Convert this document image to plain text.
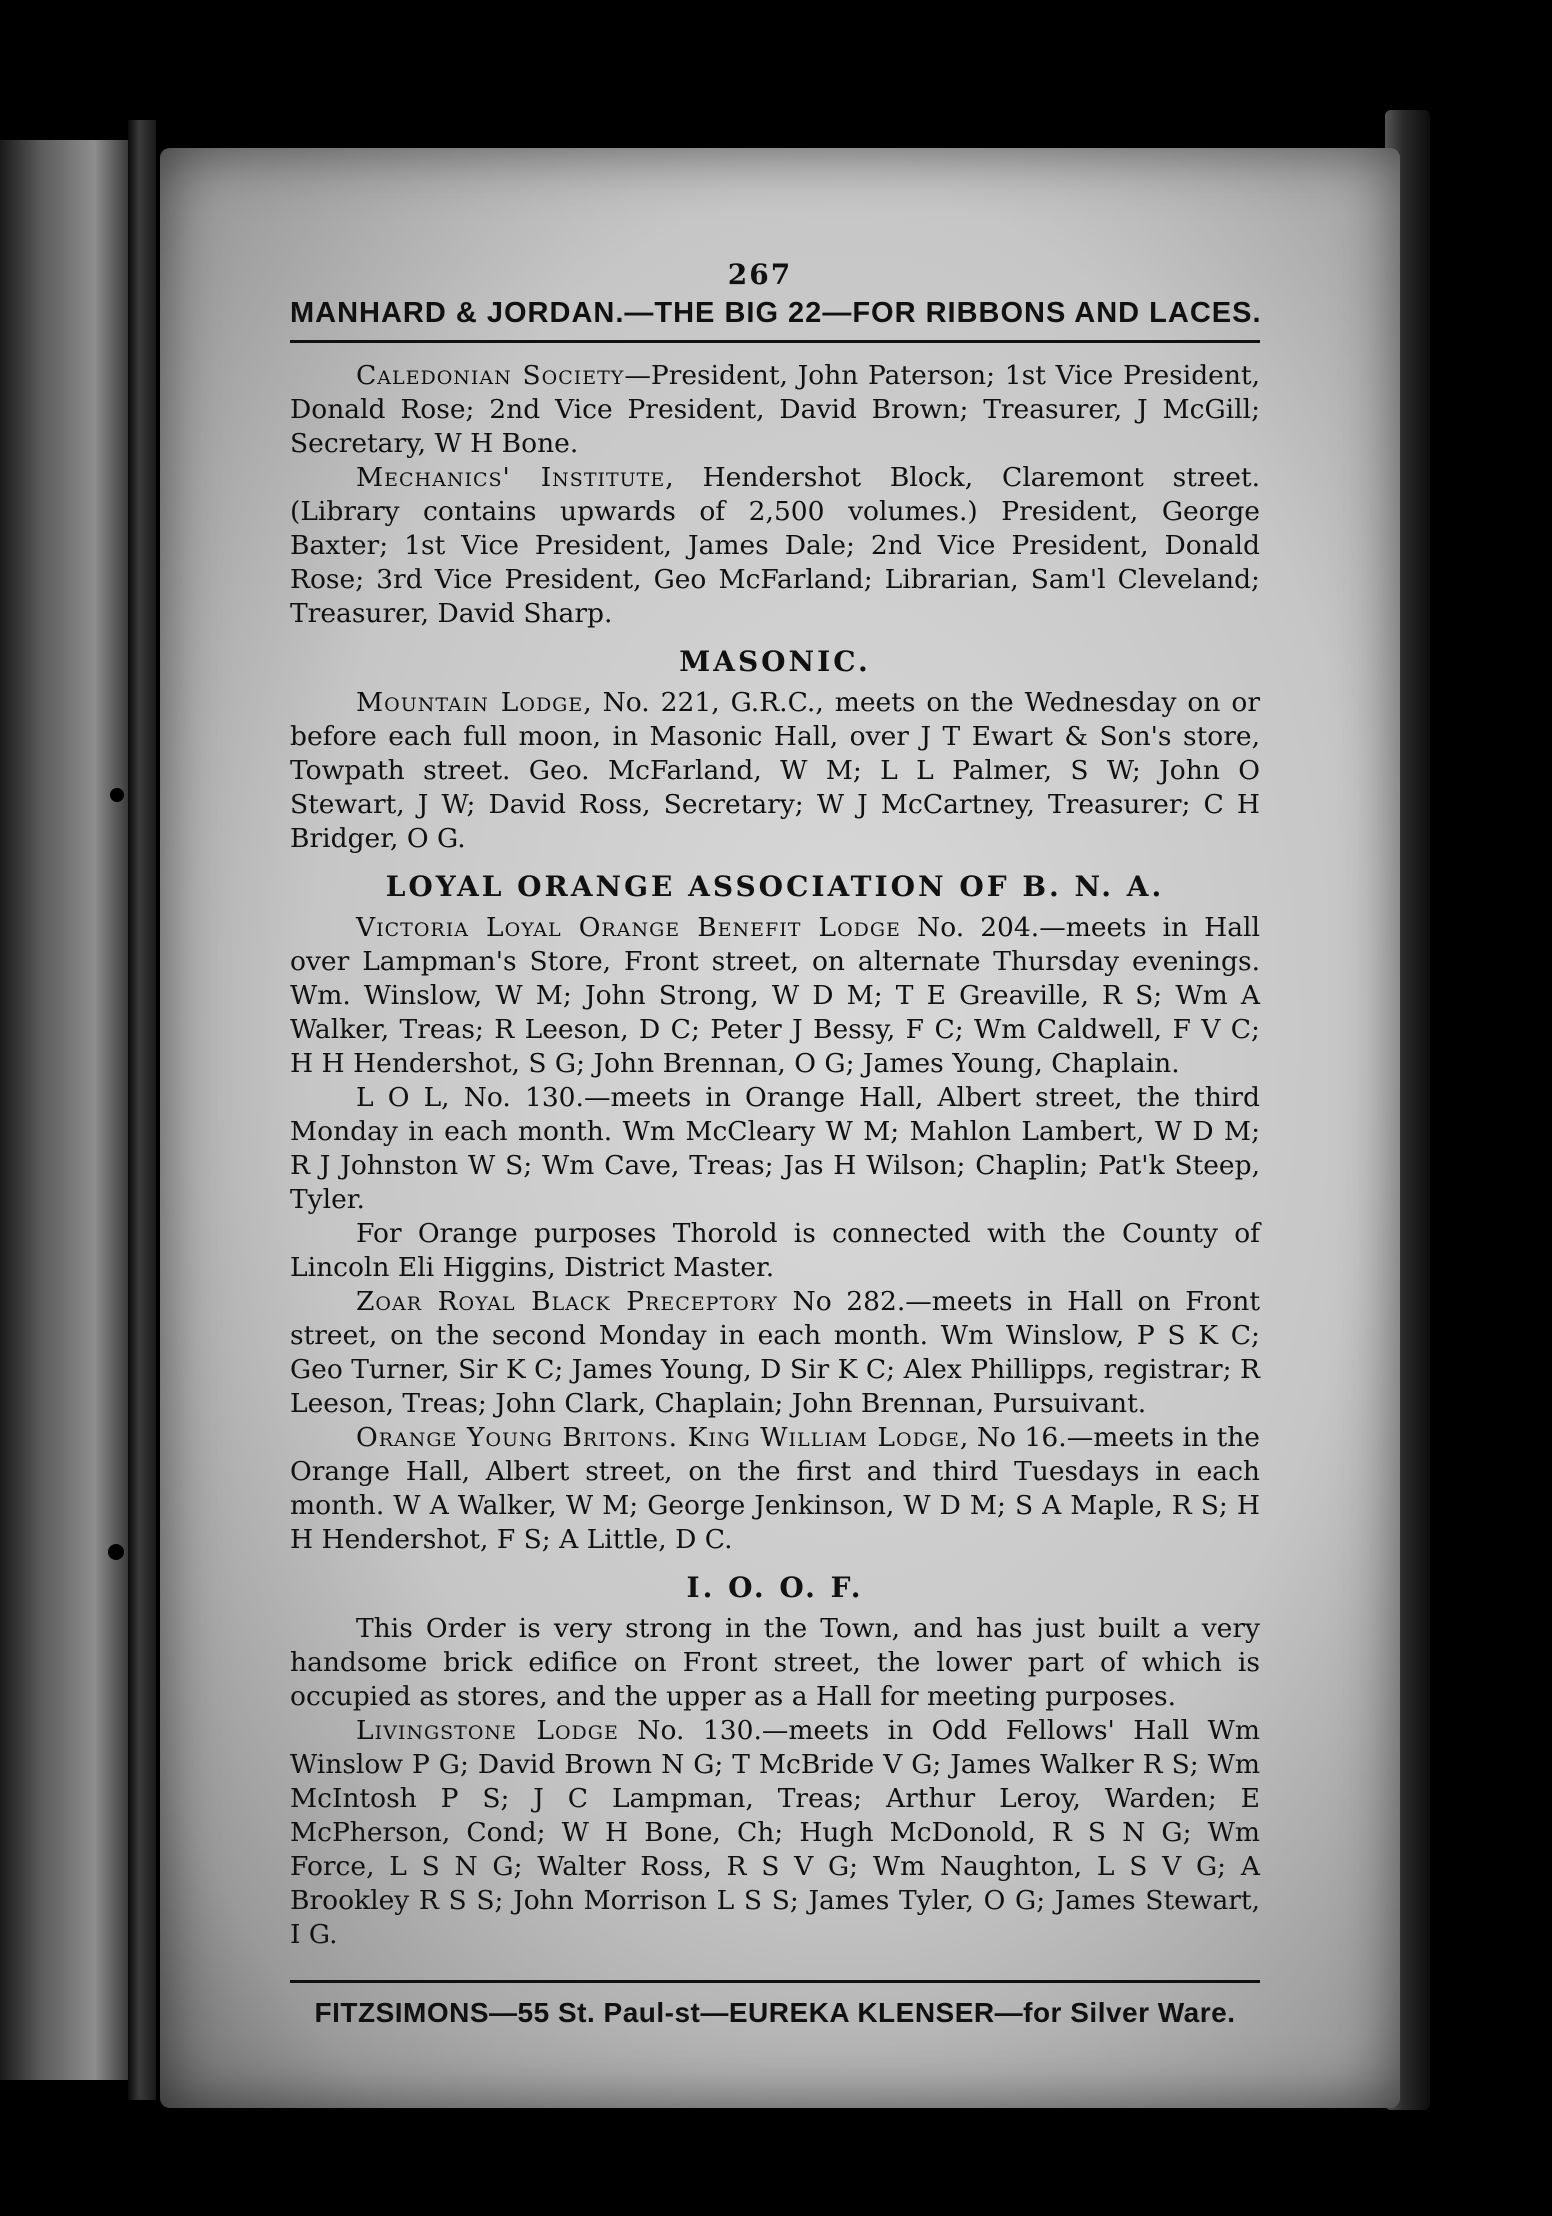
267
MANHARD & JORDAN.—THE BIG 22—FOR RIBBONS AND LACES.

Caledonian Society—President, John Paterson; 1st Vice President, Donald Rose; 2nd Vice President, David Brown; Treasurer, J McGill; Secretary, W H Bone.

Mechanics' Institute, Hendershot Block, Claremont street. (Library contains upwards of 2,500 volumes.) President, George Baxter; 1st Vice President, James Dale; 2nd Vice President, Donald Rose; 3rd Vice President, Geo McFarland; Librarian, Sam'l Cleveland; Treasurer, David Sharp.

MASONIC.

Mountain Lodge, No. 221, G.R.C., meets on the Wednesday on or before each full moon, in Masonic Hall, over J T Ewart & Son's store, Towpath street. Geo. McFarland, W M; L L Palmer, S W; John O Stewart, J W; David Ross, Secretary; W J McCartney, Treasurer; C H Bridger, O G.

LOYAL ORANGE ASSOCIATION OF B. N. A.

Victoria Loyal Orange Benefit Lodge No. 204.—meets in Hall over Lampman's Store, Front street, on alternate Thursday evenings. Wm. Winslow, W M; John Strong, W D M; T E Greaville, R S; Wm A Walker, Treas; R Leeson, D C; Peter J Bessy, F C; Wm Caldwell, F V C; H H Hendershot, S G; John Brennan, O G; James Young, Chaplain.

L O L, No. 130.—meets in Orange Hall, Albert street, the third Monday in each month. Wm McCleary W M; Mahlon Lambert, W D M; R J Johnston W S; Wm Cave, Treas; Jas H Wilson; Chaplin; Pat'k Steep, Tyler.

For Orange purposes Thorold is connected with the County of Lincoln Eli Higgins, District Master.

Zoar Royal Black Preceptory No 282.—meets in Hall on Front street, on the second Monday in each month. Wm Winslow, P S K C; Geo Turner, Sir K C; James Young, D Sir K C; Alex Phillipps, registrar; R Leeson, Treas; John Clark, Chaplain; John Brennan, Pursuivant.

Orange Young Britons. King William Lodge, No 16.—meets in the Orange Hall, Albert street, on the first and third Tuesdays in each month. W A Walker, W M; George Jenkinson, W D M; S A Maple, R S; H H Hendershot, F S; A Little, D C.

I. O. O. F.

This Order is very strong in the Town, and has just built a very handsome brick edifice on Front street, the lower part of which is occupied as stores, and the upper as a Hall for meeting purposes.

Livingstone Lodge No. 130.—meets in Odd Fellows' Hall Wm Winslow P G; David Brown N G; T McBride V G; James Walker R S; Wm McIntosh P S; J C Lampman, Treas; Arthur Leroy, Warden; E McPherson, Cond; W H Bone, Ch; Hugh McDonold, R S N G; Wm Force, L S N G; Walter Ross, R S V G; Wm Naughton, L S V G; A Brookley R S S; John Morrison L S S; James Tyler, O G; James Stewart, I G.

FITZSIMONS—55 St. Paul-st—EUREKA KLENSER—for Silver Ware.
